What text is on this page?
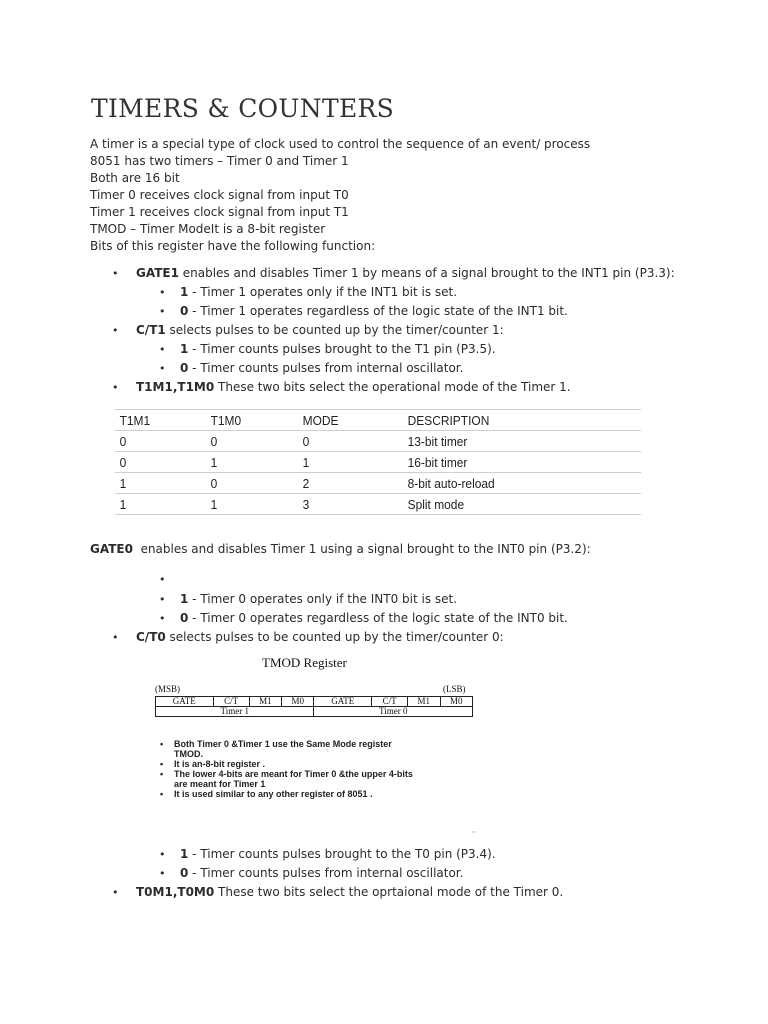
TIMERS & COUNTERS
A timer is a special type of clock used to control the sequence of an event/ process
8051 has two timers – Timer 0 and Timer 1
Both are 16 bit
Timer 0 receives clock signal from input T0
Timer 1 receives clock signal from input T1
TMOD – Timer ModeIt is a 8-bit register
Bits of this register have the following function:
• GATE1 enables and disables Timer 1 by means of a signal brought to the INT1 pin (P3.3):
• 1 - Timer 1 operates only if the INT1 bit is set.
• 0 - Timer 1 operates regardless of the logic state of the INT1 bit.
• C/T1 selects pulses to be counted up by the timer/counter 1:
• 1 - Timer counts pulses brought to the T1 pin (P3.5).
• 0 - Timer counts pulses from internal oscillator.
• T1M1,T1M0 These two bits select the operational mode of the Timer 1.
T1M1	T1M0	MODE	DESCRIPTION
0	0	0	13-bit timer
0	1	1	16-bit timer
1	0	2	8-bit auto-reload
1	1	3	Split mode
GATE0  enables and disables Timer 1 using a signal brought to the INT0 pin (P3.2):
•
• 1 - Timer 0 operates only if the INT0 bit is set.
• 0 - Timer 0 operates regardless of the logic state of the INT0 bit.
• C/T0 selects pulses to be counted up by the timer/counter 0:
TMOD Register
(MSB)	(LSB)
GATE	C/T	M1	M0	GATE	C/T	M1	M0
Timer 1				Timer 0			
• Both Timer 0 &Timer 1 use the Same Mode register
TMOD.
• It is an-8-bit register .
• The lower 4-bits are meant for Timer 0 &the upper 4-bits
are meant for Timer 1
• It is used similar to any other register of 8051 .
"
• 1 - Timer counts pulses brought to the T0 pin (P3.4).
• 0 - Timer counts pulses from internal oscillator.
• T0M1,T0M0 These two bits select the oprtaional mode of the Timer 0.
